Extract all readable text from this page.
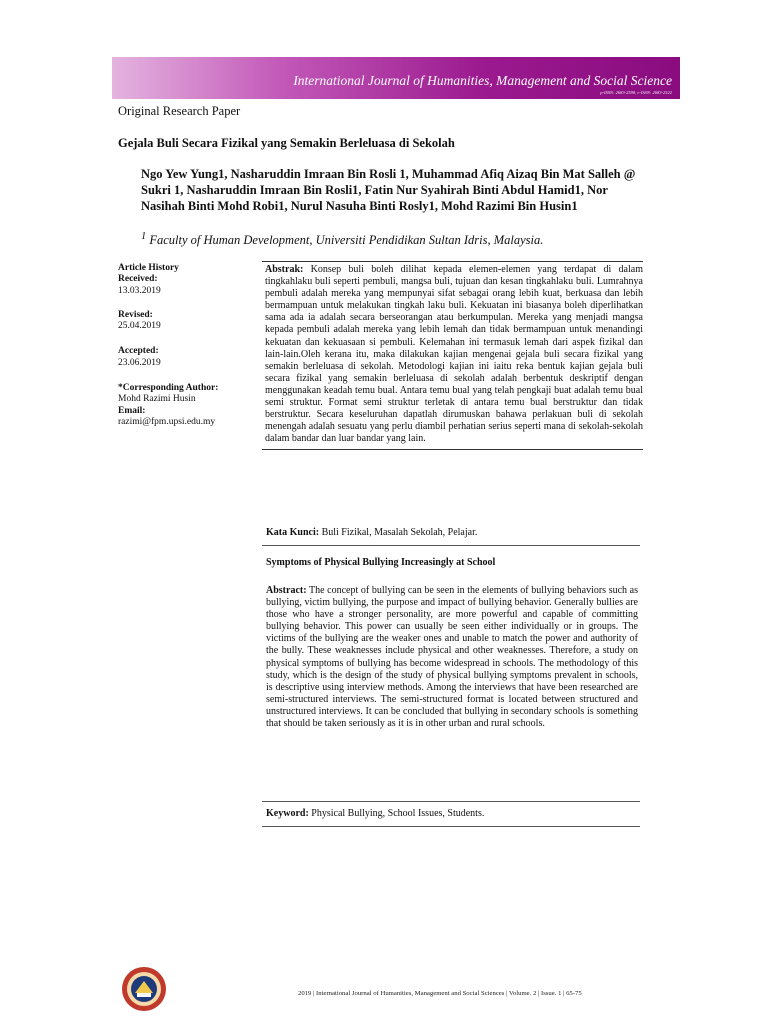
International Journal of Humanities, Management and Social Science
p-ISSN: 2683-2598, e-ISSN: 2683-2522
Original Research Paper
Gejala Buli Secara Fizikal yang Semakin Berleluasa di Sekolah

Ngo Yew Yung1, Nasharuddin Imraan Bin Rosli 1, Muhammad Afiq Aizaq Bin Mat Salleh @ Sukri 1, Nasharuddin Imraan Bin Rosli1, Fatin Nur Syahirah Binti Abdul Hamid1, Nor Nasihah Binti Mohd Robi1, Nurul Nasuha Binti Rosly1, Mohd Razimi Bin Husin1

$^1$ Faculty of Human Development, Universiti Pendidikan Sultan Idris, Malaysia.
Article History
Received:
13.03.2019
Revised:
25.04.2019
Accepted:
23.06.2019
*Corresponding Author:
Mohd Razimi Husin
Email:
razimi@fpm.upsi.edu.my
Abstrak: Konsep buli boleh dilihat kepada elemen-elemen yang terdapat di dalam tingkahlaku buli seperti pembuli, mangsa buli, tujuan dan kesan tingkahlaku buli. Lumrahnya pembuli adalah mereka yang mempunyai sifat sebagai orang lebih kuat, berkuasa dan lebih bermampuan untuk melakukan tingkah laku buli. Kekuatan ini biasanya boleh diperlihatkan sama ada ia adalah secara berseorangan atau berkumpulan. Mereka yang menjadi mangsa kepada pembuli adalah mereka yang lebih lemah dan tidak bermampuan untuk menandingi kekuatan dan kekuasaan si pembuli. Kelemahan ini termasuk lemah dari aspek fizikal dan lain-lain.Oleh kerana itu, maka dilakukan kajian mengenai gejala buli secara fizikal yang semakin berleluasa di sekolah. Metodologi kajian ini iaitu reka bentuk kajian gejala buli secara fizikal yang semakin berleluasa di sekolah adalah berbentuk deskriptif dengan menggunakan keadah temu bual. Antara temu bual yang telah pengkaji buat adalah temu bual semi struktur. Format semi struktur terletak di antara temu bual berstruktur dan tidak berstruktur. Secara keseluruhan dapatlah dirumuskan bahawa perlakuan buli di sekolah menengah adalah sesuatu yang perlu diambil perhatian serius seperti mana di sekolah-sekolah dalam bandar dan luar bandar yang lain.
Kata Kunci: Buli Fizikal, Masalah Sekolah, Pelajar.
Symptoms of Physical Bullying Increasingly at School
Abstract: The concept of bullying can be seen in the elements of bullying behaviors such as bullying, victim bullying, the purpose and impact of bullying behavior. Generally bullies are those who have a stronger personality, are more powerful and capable of committing bullying behavior. This power can usually be seen either individually or in groups. The victims of the bullying are the weaker ones and unable to match the power and authority of the bully. These weaknesses include physical and other weaknesses. Therefore, a study on physical symptoms of bullying has become widespread in schools. The methodology of this study, which is the design of the study of physical bullying symptoms prevalent in schools, is descriptive using interview methods. Among the interviews that have been researched are semi-structured interviews. The semi-structured format is located between structured and unstructured interviews. It can be concluded that bullying in secondary schools is something that should be taken seriously as it is in other urban and rural schools.
Keyword: Physical Bullying, School Issues, Students.
2019 | International Journal of Humanities, Management and Social Sciences | Volume. 2 | Issue. 1 | 65-75
